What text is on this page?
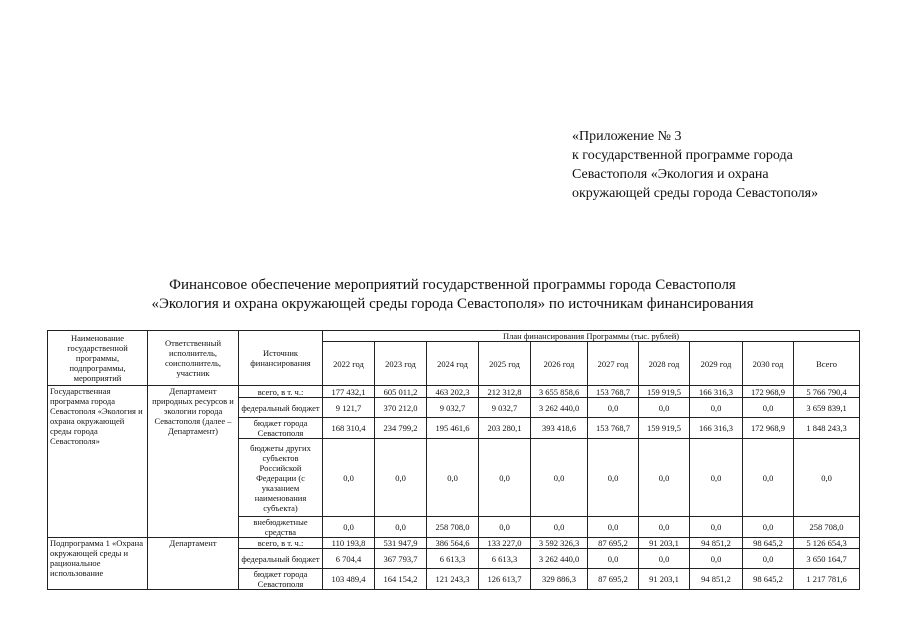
«Приложение № 3
к государственной программе города
Севастополя «Экология и охрана
окружающей среды города Севастополя»
Финансовое обеспечение мероприятий государственной программы города Севастополя
«Экология и охрана окружающей среды города Севастополя» по источникам финансирования
Наименование государственной программы, подпрограммы, мероприятий	Ответственный исполнитель, соисполнитель, участник	Источник финансирования	План финансирования Программы (тыс. рублей)									
			2022 год	2023 год	2024 год	2025 год	2026 год	2027 год	2028 год	2029 год	2030 год	Всего
Государственная программа города Севастополя «Экология и охрана окружающей среды города Севастополя»	Департамент природных ресурсов и экологии города Севастополя (далее – Департамент)	всего, в т. ч.:	177 432,1	605 011,2	463 202,3	212 312,8	3 655 858,6	153 768,7	159 919,5	166 316,3	172 968,9	5 766 790,4
		федеральный бюджет	9 121,7	370 212,0	9 032,7	9 032,7	3 262 440,0	0,0	0,0	0,0	0,0	3 659 839,1
		бюджет города Севастополя	168 310,4	234 799,2	195 461,6	203 280,1	393 418,6	153 768,7	159 919,5	166 316,3	172 968,9	1 848 243,3
		бюджеты других субъектов Российской Федерации (с указанием наименования субъекта)	0,0	0,0	0,0	0,0	0,0	0,0	0,0	0,0	0,0	0,0
		внебюджетные средства	0,0	0,0	258 708,0	0,0	0,0	0,0	0,0	0,0	0,0	258 708,0
Подпрограмма 1 «Охрана окружающей среды и рациональное использование	Департамент	всего, в т. ч.:	110 193,8	531 947,9	386 564,6	133 227,0	3 592 326,3	87 695,2	91 203,1	94 851,2	98 645,2	5 126 654,3
		федеральный бюджет	6 704,4	367 793,7	6 613,3	6 613,3	3 262 440,0	0,0	0,0	0,0	0,0	3 650 164,7
		бюджет города Севастополя	103 489,4	164 154,2	121 243,3	126 613,7	329 886,3	87 695,2	91 203,1	94 851,2	98 645,2	1 217 781,6
